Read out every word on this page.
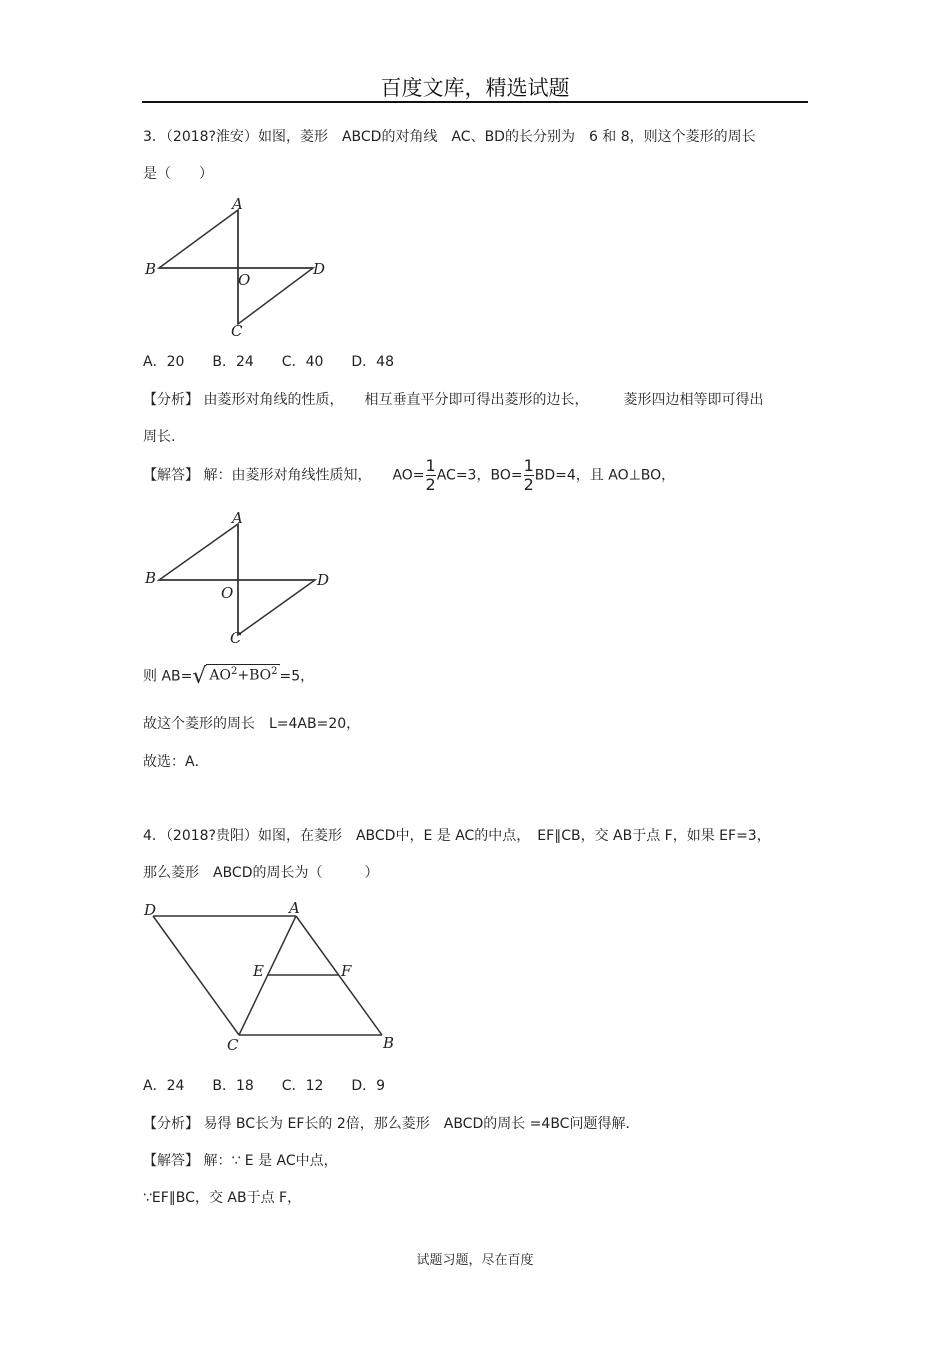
百度文库，精选试题
3．（2018?淮安）如图，菱形　ABCD的对角线　AC、BD的长分别为　6 和 8，则这个菱形的周长
是（　　）
A
B
C
D
O
A．20　　B．24　　C．40　　D．48
【分析】 由菱形对角线的性质，　　相互垂直平分即可得出菱形的边长，　　　菱形四边相等即可得出
周长.
【解答】 解：由菱形对角线性质知，　　$AO= \frac{1}{2} AC=3$，$BO= \frac{1}{2} BD=4$，且 AO⊥BO，
A
B
C
D
O
则 AB=√ $AO^2+BO^2 =5$，
故这个菱形的周长　L=4AB=20，
故选：A．
4．（2018?贵阳）如图，在菱形　ABCD中，E 是 AC的中点，　EF∥CB，交 AB于点 F，如果 EF=3，
那么菱形　ABCD的周长为（　　　）
D	A
E	F
C	B
A．24　　B．18　　C．12　　D．9
【分析】 易得 BC长为 EF长的 2倍，那么菱形　ABCD的周长 =4BC问题得解．
【解答】 解：∵ E 是 AC中点，
∵EF∥BC，交 AB于点 F，
试题习题，尽在百度
